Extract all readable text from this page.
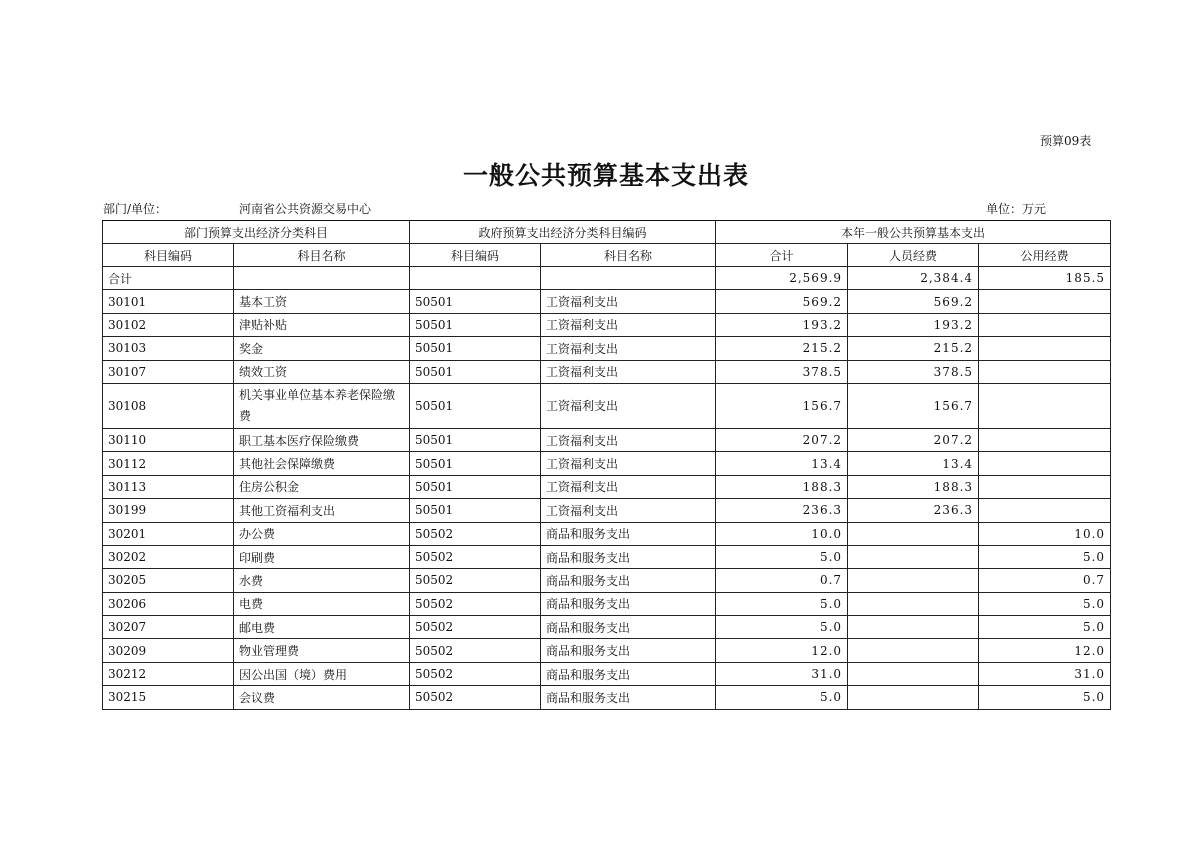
预算09表
一般公共预算基本支出表
部门/单位：	河南省公共资源交易中心	单位：万元
部门预算支出经济分类科目		政府预算支出经济分类科目编码		本年一般公共预算基本支出		
科目编码	科目名称	科目编码	科目名称	合计	人员经费	公用经费
合计				2,569.9	2,384.4	185.5
30101	基本工资	50501	工资福利支出	569.2	569.2	
30102	津贴补贴	50501	工资福利支出	193.2	193.2	
30103	奖金	50501	工资福利支出	215.2	215.2	
30107	绩效工资	50501	工资福利支出	378.5	378.5	
30108	机关事业单位基本养老保险缴费	50501	工资福利支出	156.7	156.7	
30110	职工基本医疗保险缴费	50501	工资福利支出	207.2	207.2	
30112	其他社会保障缴费	50501	工资福利支出	13.4	13.4	
30113	住房公积金	50501	工资福利支出	188.3	188.3	
30199	其他工资福利支出	50501	工资福利支出	236.3	236.3	
30201	办公费	50502	商品和服务支出	10.0		10.0
30202	印刷费	50502	商品和服务支出	5.0		5.0
30205	水费	50502	商品和服务支出	0.7		0.7
30206	电费	50502	商品和服务支出	5.0		5.0
30207	邮电费	50502	商品和服务支出	5.0		5.0
30209	物业管理费	50502	商品和服务支出	12.0		12.0
30212	因公出国（境）费用	50502	商品和服务支出	31.0		31.0
30215	会议费	50502	商品和服务支出	5.0		5.0
